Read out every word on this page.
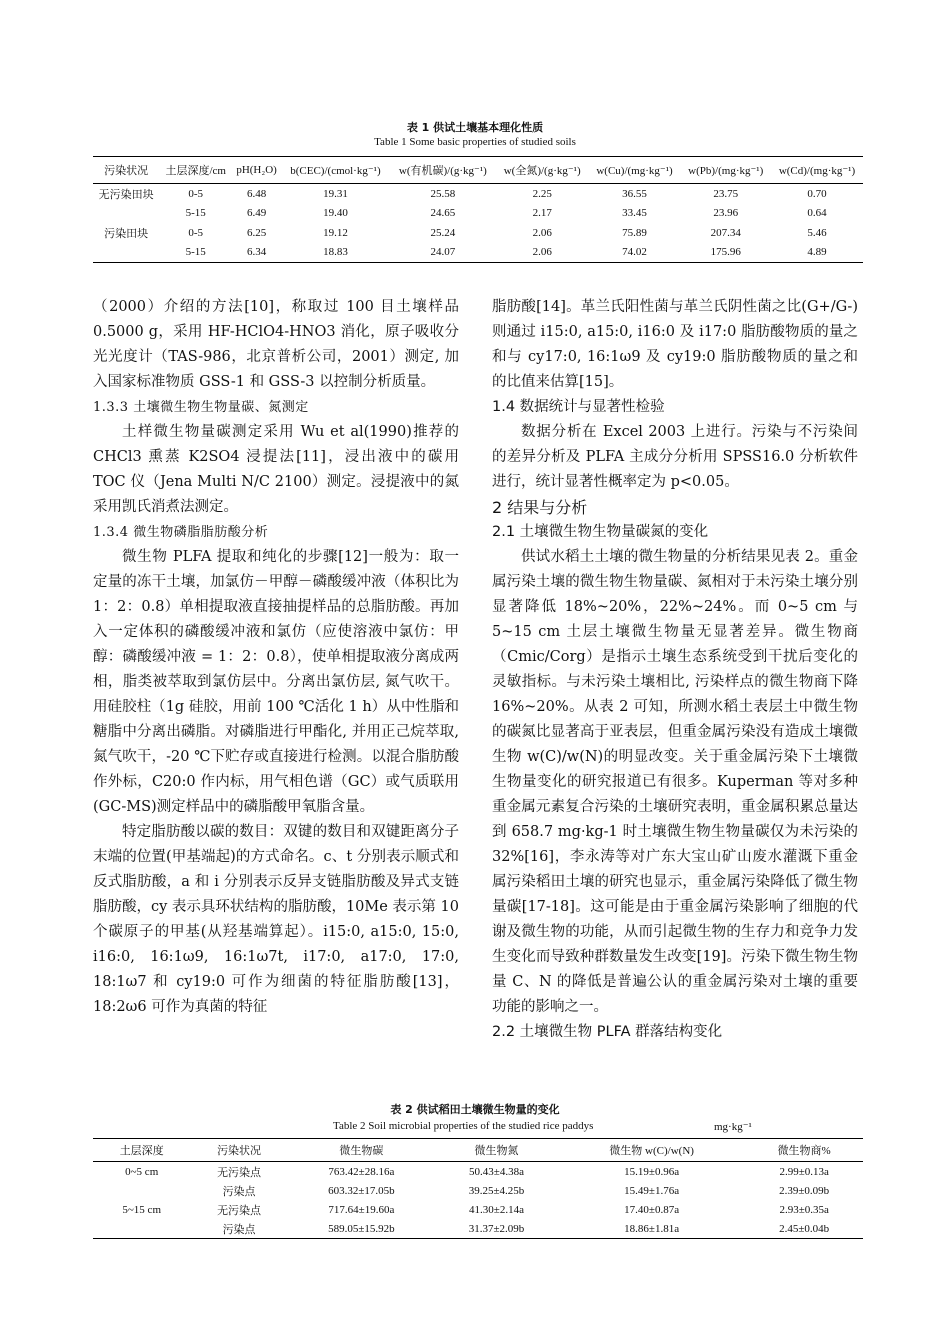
表 1 供试土壤基本理化性质
Table 1 Some basic properties of studied soils
污染状况	土层深度/cm	pH(H₂O)	b(CEC)/(cmol·kg⁻¹)	w(有机碳)/(g·kg⁻¹)	w(全氮)/(g·kg⁻¹)	w(Cu)/(mg·kg⁻¹)	w(Pb)/(mg·kg⁻¹)	w(Cd)/(mg·kg⁻¹)
无污染田块	0-5	6.48	19.31	25.58	2.25	36.55	23.75	0.70
	5-15	6.49	19.40	24.65	2.17	33.45	23.96	0.64
污染田块	0-5	6.25	19.12	25.24	2.06	75.89	207.34	5.46
	5-15	6.34	18.83	24.07	2.06	74.02	175.96	4.89

（2000）介绍的方法[10]，称取过 100 目土壤样品 0.5000 g，采用 HF-HClO4-HNO3 消化，原子吸收分光光度计（TAS-986，北京普析公司，2001）测定, 加入国家标准物质 GSS-1 和 GSS-3 以控制分析质量。

1.3.3 土壤微生物生物量碳、氮测定

土样微生物量碳测定采用 Wu et al(1990)推荐的 CHCl3 熏蒸 K2SO4 浸提法[11]，浸出液中的碳用 TOC 仪（Jena Multi N/C 2100）测定。浸提液中的氮采用凯氏消煮法测定。

1.3.4 微生物磷脂脂肪酸分析

微生物 PLFA 提取和纯化的步骤[12]一般为：取一定量的冻干土壤，加氯仿－甲醇－磷酸缓冲液（体积比为 1：2：0.8）单相提取液直接抽提样品的总脂肪酸。再加入一定体积的磷酸缓冲液和氯仿（应使溶液中氯仿：甲醇：磷酸缓冲液 = 1：2：0.8），使单相提取液分离成两相，脂类被萃取到氯仿层中。分离出氯仿层, 氮气吹干。用硅胶柱（1g 硅胶，用前 100 ℃活化 1 h）从中性脂和糖脂中分离出磷脂。对磷脂进行甲酯化, 并用正己烷萃取, 氮气吹干，-20 ℃下贮存或直接进行检测。以混合脂肪酸作外标，C20:0 作内标，用气相色谱（GC）或气质联用(GC-MS)测定样品中的磷脂酸甲氧脂含量。

特定脂肪酸以碳的数目：双键的数目和双键距离分子末端的位置(甲基端起)的方式命名。c、t 分别表示顺式和反式脂肪酸，a 和 i 分别表示反异支链脂肪酸及异式支链脂肪酸，cy 表示具环状结构的脂肪酸，10Me 表示第 10 个碳原子的甲基(从羟基端算起）。i15:0, a15:0, 15:0, i16:0, 16:1ω9, 16:1ω7t, i17:0, a17:0, 17:0, 18:1ω7 和 cy19:0 可作为细菌的特征脂肪酸[13]，18:2ω6 可作为真菌的特征

脂肪酸[14]。革兰氏阳性菌与革兰氏阴性菌之比(G+/G-)则通过 i15:0, a15:0, i16:0 及 i17:0 脂肪酸物质的量之和与 cy17:0, 16:1ω9 及 cy19:0 脂肪酸物质的量之和的比值来估算[15]。

1.4 数据统计与显著性检验

数据分析在 Excel 2003 上进行。污染与不污染间的差异分析及 PLFA 主成分分析用 SPSS16.0 分析软件进行，统计显著性概率定为 p<0.05。

2 结果与分析

2.1 土壤微生物生物量碳氮的变化

供试水稻土土壤的微生物量的分析结果见表 2。重金属污染土壤的微生物生物量碳、氮相对于未污染土壤分别显著降低 18%~20%，22%~24%。而 0~5 cm 与 5~15 cm 土层土壤微生物量无显著差异。微生物商（Cmic/Corg）是指示土壤生态系统受到干扰后变化的灵敏指标。与未污染土壤相比, 污染样点的微生物商下降 16%~20%。从表 2 可知，所测水稻土表层土中微生物的碳氮比显著高于亚表层，但重金属污染没有造成土壤微生物 w(C)/w(N)的明显改变。关于重金属污染下土壤微生物量变化的研究报道已有很多。Kuperman 等对多种重金属元素复合污染的土壤研究表明，重金属积累总量达到 658.7 mg·kg-1 时土壤微生物生物量碳仅为未污染的 32%[16]，李永涛等对广东大宝山矿山废水灌溉下重金属污染稻田土壤的研究也显示，重金属污染降低了微生物量碳[17-18]。这可能是由于重金属污染影响了细胞的代谢及微生物的功能，从而引起微生物的生存力和竞争力发生变化而导致种群数量发生改变[19]。污染下微生物生物量 C、N 的降低是普遍公认的重金属污染对土壤的重要功能的影响之一。

2.2 土壤微生物 PLFA 群落结构变化

表 2 供试稻田土壤微生物量的变化
Table 2 Soil microbial properties of the studied rice paddys	mg·kg⁻¹
土层深度	污染状况	微生物碳	微生物氮	微生物 w(C)/w(N)	微生物商%
0~5 cm	无污染点	763.42±28.16a	50.43±4.38a	15.19±0.96a	2.99±0.13a
	污染点	603.32±17.05b	39.25±4.25b	15.49±1.76a	2.39±0.09b
5~15 cm	无污染点	717.64±19.60a	41.30±2.14a	17.40±0.87a	2.93±0.35a
	污染点	589.05±15.92b	31.37±2.09b	18.86±1.81a	2.45±0.04b
